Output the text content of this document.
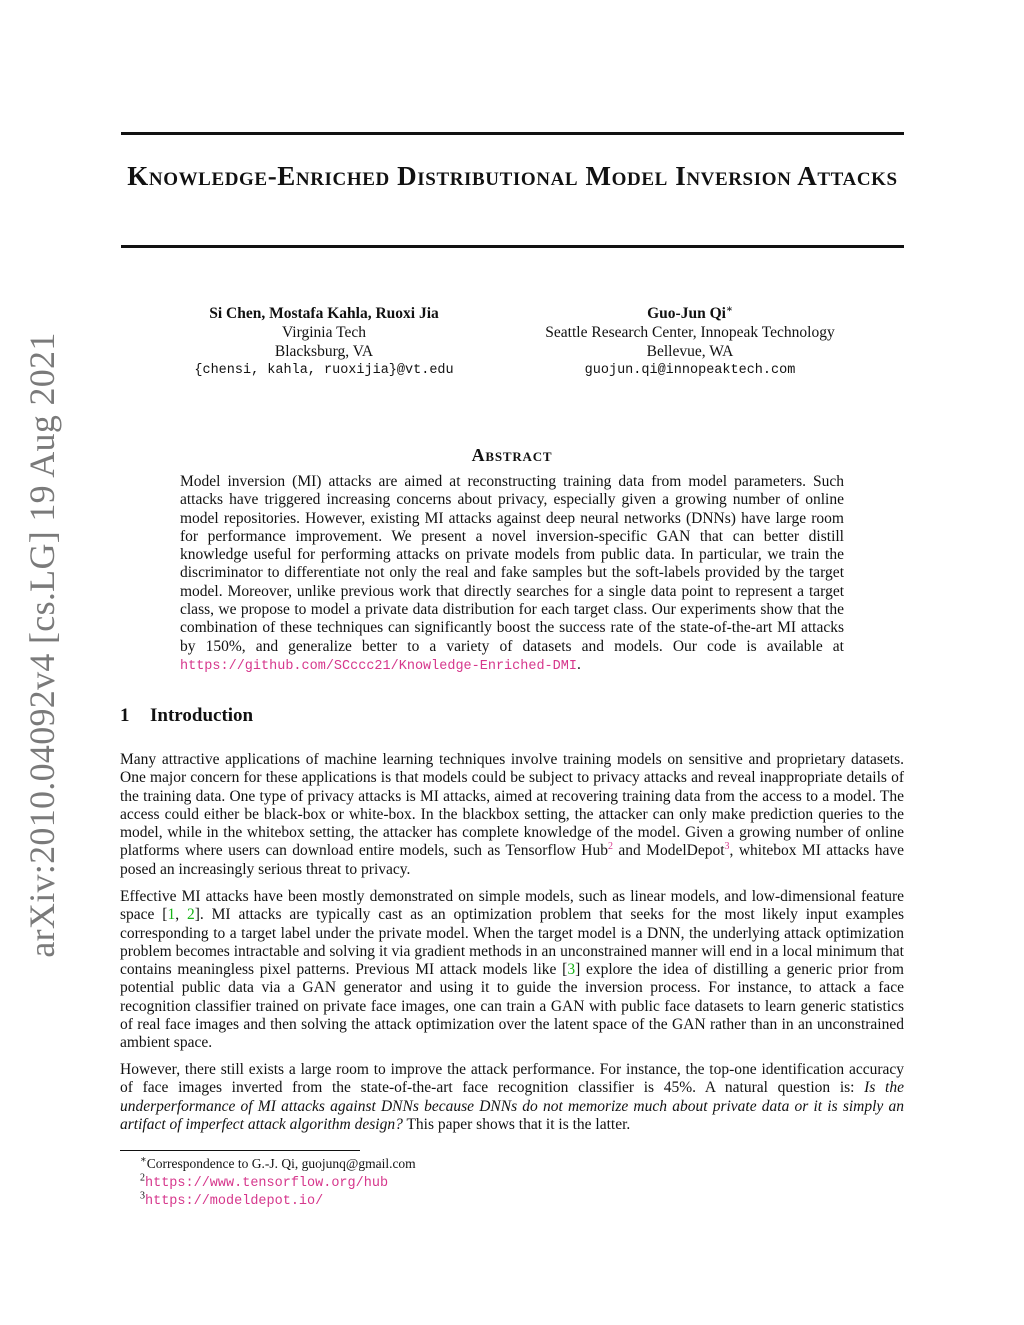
arXiv:2010.04092v4 [cs.LG] 19 Aug 2021
Knowledge-Enriched Distributional Model Inversion Attacks
Si Chen, Mostafa Kahla, Ruoxi Jia
Virginia Tech
Blacksburg, VA
{chensi, kahla, ruoxijia}@vt.edu
Guo-Jun Qi∗
Seattle Research Center, Innopeak Technology
Bellevue, WA
guojun.qi@innopeaktech.com
Abstract

Model inversion (MI) attacks are aimed at reconstructing training data from model parameters. Such attacks have triggered increasing concerns about privacy, especially given a growing number of online model repositories. However, existing MI attacks against deep neural networks (DNNs) have large room for performance improvement. We present a novel inversion-specific GAN that can better distill knowledge useful for performing attacks on private models from public data. In particular, we train the discriminator to differentiate not only the real and fake samples but the soft-labels provided by the target model. Moreover, unlike previous work that directly searches for a single data point to represent a target class, we propose to model a private data distribution for each target class. Our experiments show that the combination of these techniques can significantly boost the success rate of the state-of-the-art MI attacks by 150%, and generalize better to a variety of datasets and models. Our code is available at https://github.com/SCccc21/Knowledge-Enriched-DMI.

1 Introduction

Many attractive applications of machine learning techniques involve training models on sensitive and proprietary datasets. One major concern for these applications is that models could be subject to privacy attacks and reveal inappropriate details of the training data. One type of privacy attacks is MI attacks, aimed at recovering training data from the access to a model. The access could either be black-box or white-box. In the blackbox setting, the attacker can only make prediction queries to the model, while in the whitebox setting, the attacker has complete knowledge of the model. Given a growing number of online platforms where users can download entire models, such as Tensorflow Hub$^2$ and ModelDepot$^3$, whitebox MI attacks have posed an increasingly serious threat to privacy.

Effective MI attacks have been mostly demonstrated on simple models, such as linear models, and low-dimensional feature space [1, 2]. MI attacks are typically cast as an optimization problem that seeks for the most likely input examples corresponding to a target label under the private model. When the target model is a DNN, the underlying attack optimization problem becomes intractable and solving it via gradient methods in an unconstrained manner will end in a local minimum that contains meaningless pixel patterns. Previous MI attack models like [3] explore the idea of distilling a generic prior from potential public data via a GAN generator and using it to guide the inversion process. For instance, to attack a face recognition classifier trained on private face images, one can train a GAN with public face datasets to learn generic statistics of real face images and then solving the attack optimization over the latent space of the GAN rather than in an unconstrained ambient space.

However, there still exists a large room to improve the attack performance. For instance, the top-one identification accuracy of face images inverted from the state-of-the-art face recognition classifier is 45%. A natural question is: Is the underperformance of MI attacks against DNNs because DNNs do not memorize much about private data or it is simply an artifact of imperfect attack algorithm design? This paper shows that it is the latter.

∗Correspondence to G.-J. Qi, guojunq@gmail.com

$^2$https://www.tensorflow.org/hub

$^3$https://modeldepot.io/
